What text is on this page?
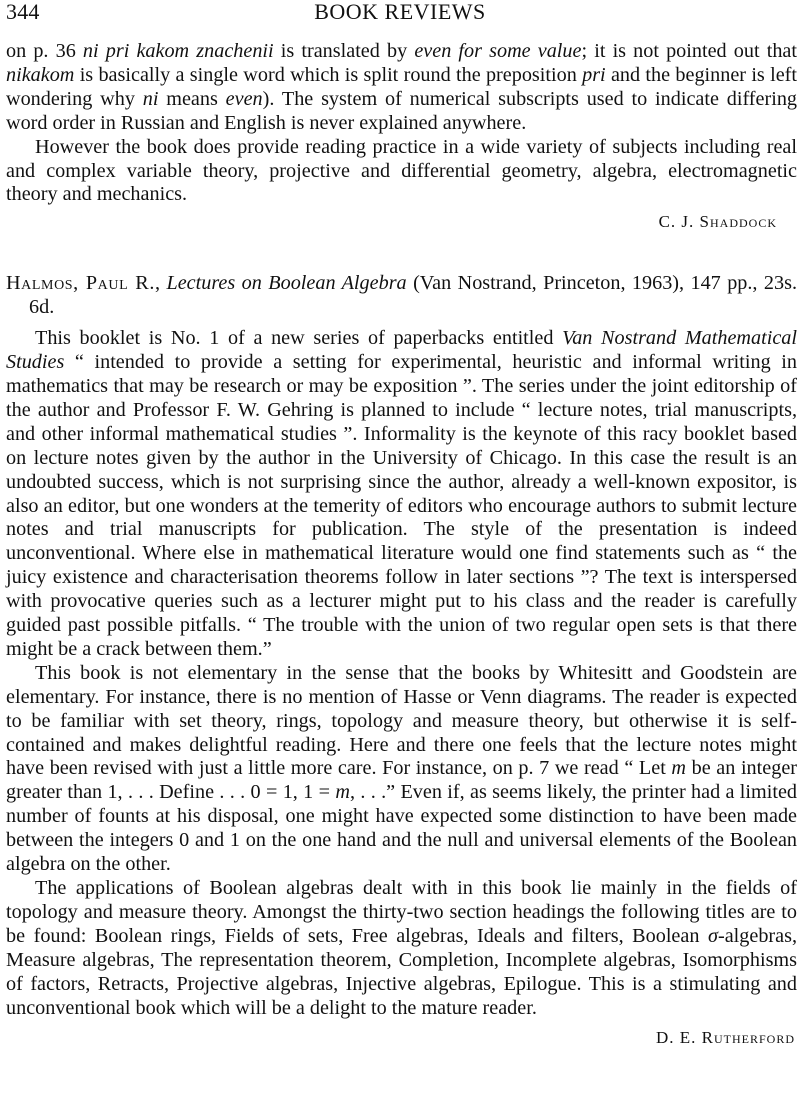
344	BOOK REVIEWS

on p. 36 ni pri kakom znachenii is translated by even for some value; it is not pointed out that nikakom is basically a single word which is split round the preposition pri and the beginner is left wondering why ni means even). The system of numerical subscripts used to indicate differing word order in Russian and English is never explained anywhere.

However the book does provide reading practice in a wide variety of subjects including real and complex variable theory, projective and differential geometry, algebra, electromagnetic theory and mechanics.

C. J. Shaddock

Halmos, Paul R., Lectures on Boolean Algebra (Van Nostrand, Princeton, 1963), 147 pp., 23s. 6d.

This booklet is No. 1 of a new series of paperbacks entitled Van Nostrand Mathematical Studies “ intended to provide a setting for experimental, heuristic and informal writing in mathematics that may be research or may be exposition ”. The series under the joint editorship of the author and Professor F. W. Gehring is planned to include “ lecture notes, trial manuscripts, and other informal mathematical studies ”. Informality is the keynote of this racy booklet based on lecture notes given by the author in the University of Chicago. In this case the result is an undoubted success, which is not surprising since the author, already a well-known expositor, is also an editor, but one wonders at the temerity of editors who encourage authors to submit lecture notes and trial manuscripts for publication. The style of the presentation is indeed unconventional. Where else in mathematical literature would one find statements such as “ the juicy existence and characterisation theorems follow in later sections ”? The text is interspersed with provocative queries such as a lecturer might put to his class and the reader is carefully guided past possible pitfalls. “ The trouble with the union of two regular open sets is that there might be a crack between them.”

This book is not elementary in the sense that the books by Whitesitt and Goodstein are elementary. For instance, there is no mention of Hasse or Venn diagrams. The reader is expected to be familiar with set theory, rings, topology and measure theory, but otherwise it is self-contained and makes delightful reading. Here and there one feels that the lecture notes might have been revised with just a little more care. For instance, on p. 7 we read “ Let m be an integer greater than 1, . . . Define . . . 0 = 1, 1 = m, . . .” Even if, as seems likely, the printer had a limited number of founts at his disposal, one might have expected some distinction to have been made between the integers 0 and 1 on the one hand and the null and universal elements of the Boolean algebra on the other.

The applications of Boolean algebras dealt with in this book lie mainly in the fields of topology and measure theory. Amongst the thirty-two section headings the following titles are to be found: Boolean rings, Fields of sets, Free algebras, Ideals and filters, Boolean σ-algebras, Measure algebras, The representation theorem, Completion, Incomplete algebras, Isomorphisms of factors, Retracts, Projective algebras, Injective algebras, Epilogue. This is a stimulating and unconventional book which will be a delight to the mature reader.

D. E. Rutherford
